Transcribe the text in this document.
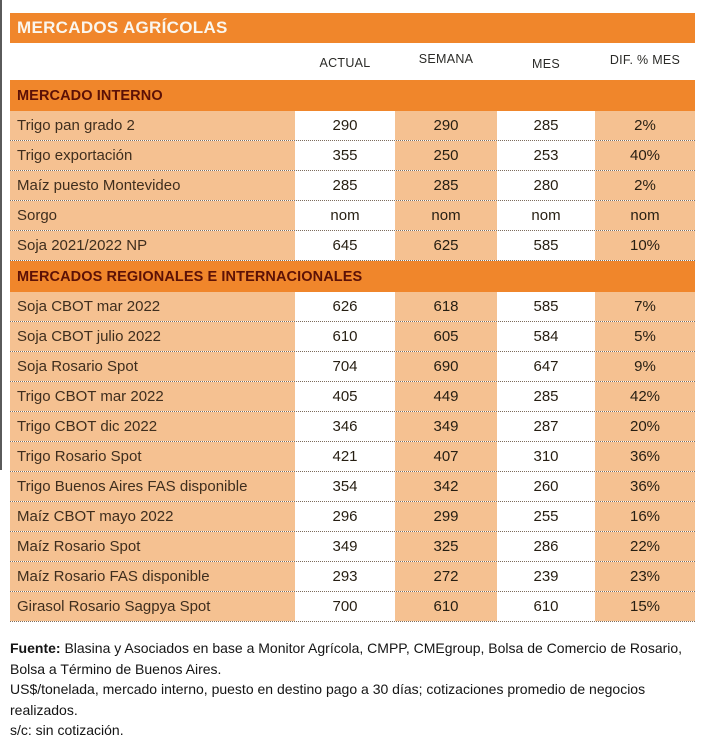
MERCADOS AGRÍCOLAS
ACTUAL	SEMANA	MES	DIF. % MES
MERCADO INTERNO
Trigo pan grado 2	290	290	285	2%
Trigo exportación	355	250	253	40%
Maíz puesto Montevideo	285	285	280	2%
Sorgo	nom	nom	nom	nom
Soja 2021/2022 NP	645	625	585	10%
MERCADOS REGIONALES E INTERNACIONALES
Soja CBOT mar 2022	626	618	585	7%
Soja CBOT julio 2022	610	605	584	5%
Soja Rosario Spot	704	690	647	9%
Trigo CBOT mar 2022	405	449	285	42%
Trigo CBOT dic 2022	346	349	287	20%
Trigo Rosario Spot	421	407	310	36%
Trigo Buenos Aires FAS disponible	354	342	260	36%
Maíz CBOT mayo 2022	296	299	255	16%
Maíz Rosario Spot	349	325	286	22%
Maíz Rosario FAS disponible	293	272	239	23%
Girasol Rosario Sagpya Spot	700	610	610	15%
Fuente: Blasina y Asociados en base a Monitor Agrícola, CMPP, CMEgroup, Bolsa de Comercio de Rosario,
Bolsa a Término de Buenos Aires.
US$/tonelada, mercado interno, puesto en destino pago a 30 días; cotizaciones promedio de negocios realizados.
s/c: sin cotización.
